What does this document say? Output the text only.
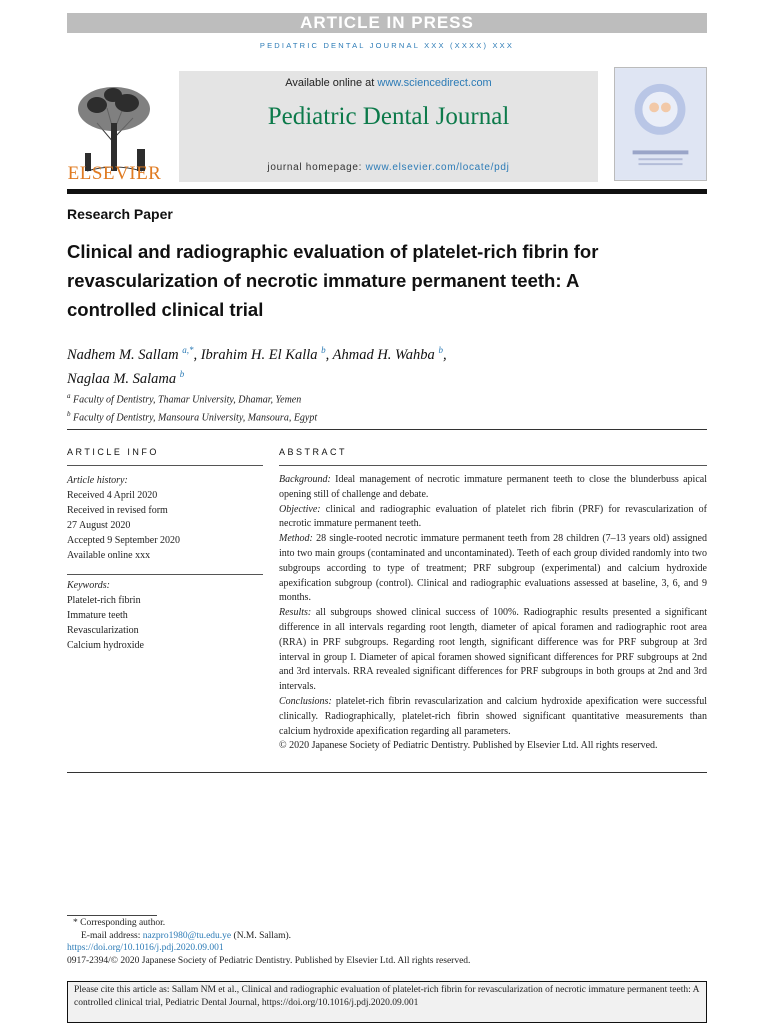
ARTICLE IN PRESS
PEDIATRIC DENTAL JOURNAL XXX (XXXX) XXX
ELSEVIER
Available online at www.sciencedirect.com
Pediatric Dental Journal
journal homepage: www.elsevier.com/locate/pdj
Research Paper
Clinical and radiographic evaluation of platelet-rich fibrin for revascularization of necrotic immature permanent teeth: A controlled clinical trial
Nadhem M. Sallam $^{a,*}$, Ibrahim H. El Kalla $^b$, Ahmad H. Wahba $^b$,
Naglaa M. Salama $^b$
$^a$ Faculty of Dentistry, Thamar University, Dhamar, Yemen
$^b$ Faculty of Dentistry, Mansoura University, Mansoura, Egypt
ARTICLE INFO
Article history:
Received 4 April 2020
Received in revised form
27 August 2020
Accepted 9 September 2020
Available online xxx
Keywords:
Platelet-rich fibrin
Immature teeth
Revascularization
Calcium hydroxide
ABSTRACT

Background: Ideal management of necrotic immature permanent teeth to close the blunderbuss apical opening still of challenge and debate.

Objective: clinical and radiographic evaluation of platelet rich fibrin (PRF) for revascularization of necrotic immature permanent teeth.

Method: 28 single-rooted necrotic immature permanent teeth from 28 children (7–13 years old) assigned into two main groups (contaminated and uncontaminated). Teeth of each group divided randomly into two subgroups according to type of treatment; PRF subgroup (experimental) and calcium hydroxide apexification subgroup (control). Clinical and radiographic evaluations assessed at baseline, 3, 6, and 9 months.

Results: all subgroups showed clinical success of 100%. Radiographic results presented a significant difference in all intervals regarding root length, diameter of apical foramen and radiographic root area (RRA) in PRF subgroups. Regarding root length, significant difference was for PRF subgroup at 3rd interval in group I. Diameter of apical foramen showed significant differences for PRF subgroups at 2nd and 3rd intervals. RRA revealed significant differences for PRF subgroups in both groups at 2nd and 3rd intervals.

Conclusions: platelet-rich fibrin revascularization and calcium hydroxide apexification were successful clinically. Radiographically, platelet-rich fibrin showed significant quantitative measurements than calcium hydroxide apexification regarding all parameters.

© 2020 Japanese Society of Pediatric Dentistry. Published by Elsevier Ltd. All rights reserved.

* Corresponding author.
E-mail address: nazpro1980@tu.edu.ye (N.M. Sallam).
https://doi.org/10.1016/j.pdj.2020.09.001
0917-2394/© 2020 Japanese Society of Pediatric Dentistry. Published by Elsevier Ltd. All rights reserved.
Please cite this article as: Sallam NM et al., Clinical and radiographic evaluation of platelet-rich fibrin for revascularization of necrotic immature permanent teeth: A controlled clinical trial, Pediatric Dental Journal, https://doi.org/10.1016/j.pdj.2020.09.001
